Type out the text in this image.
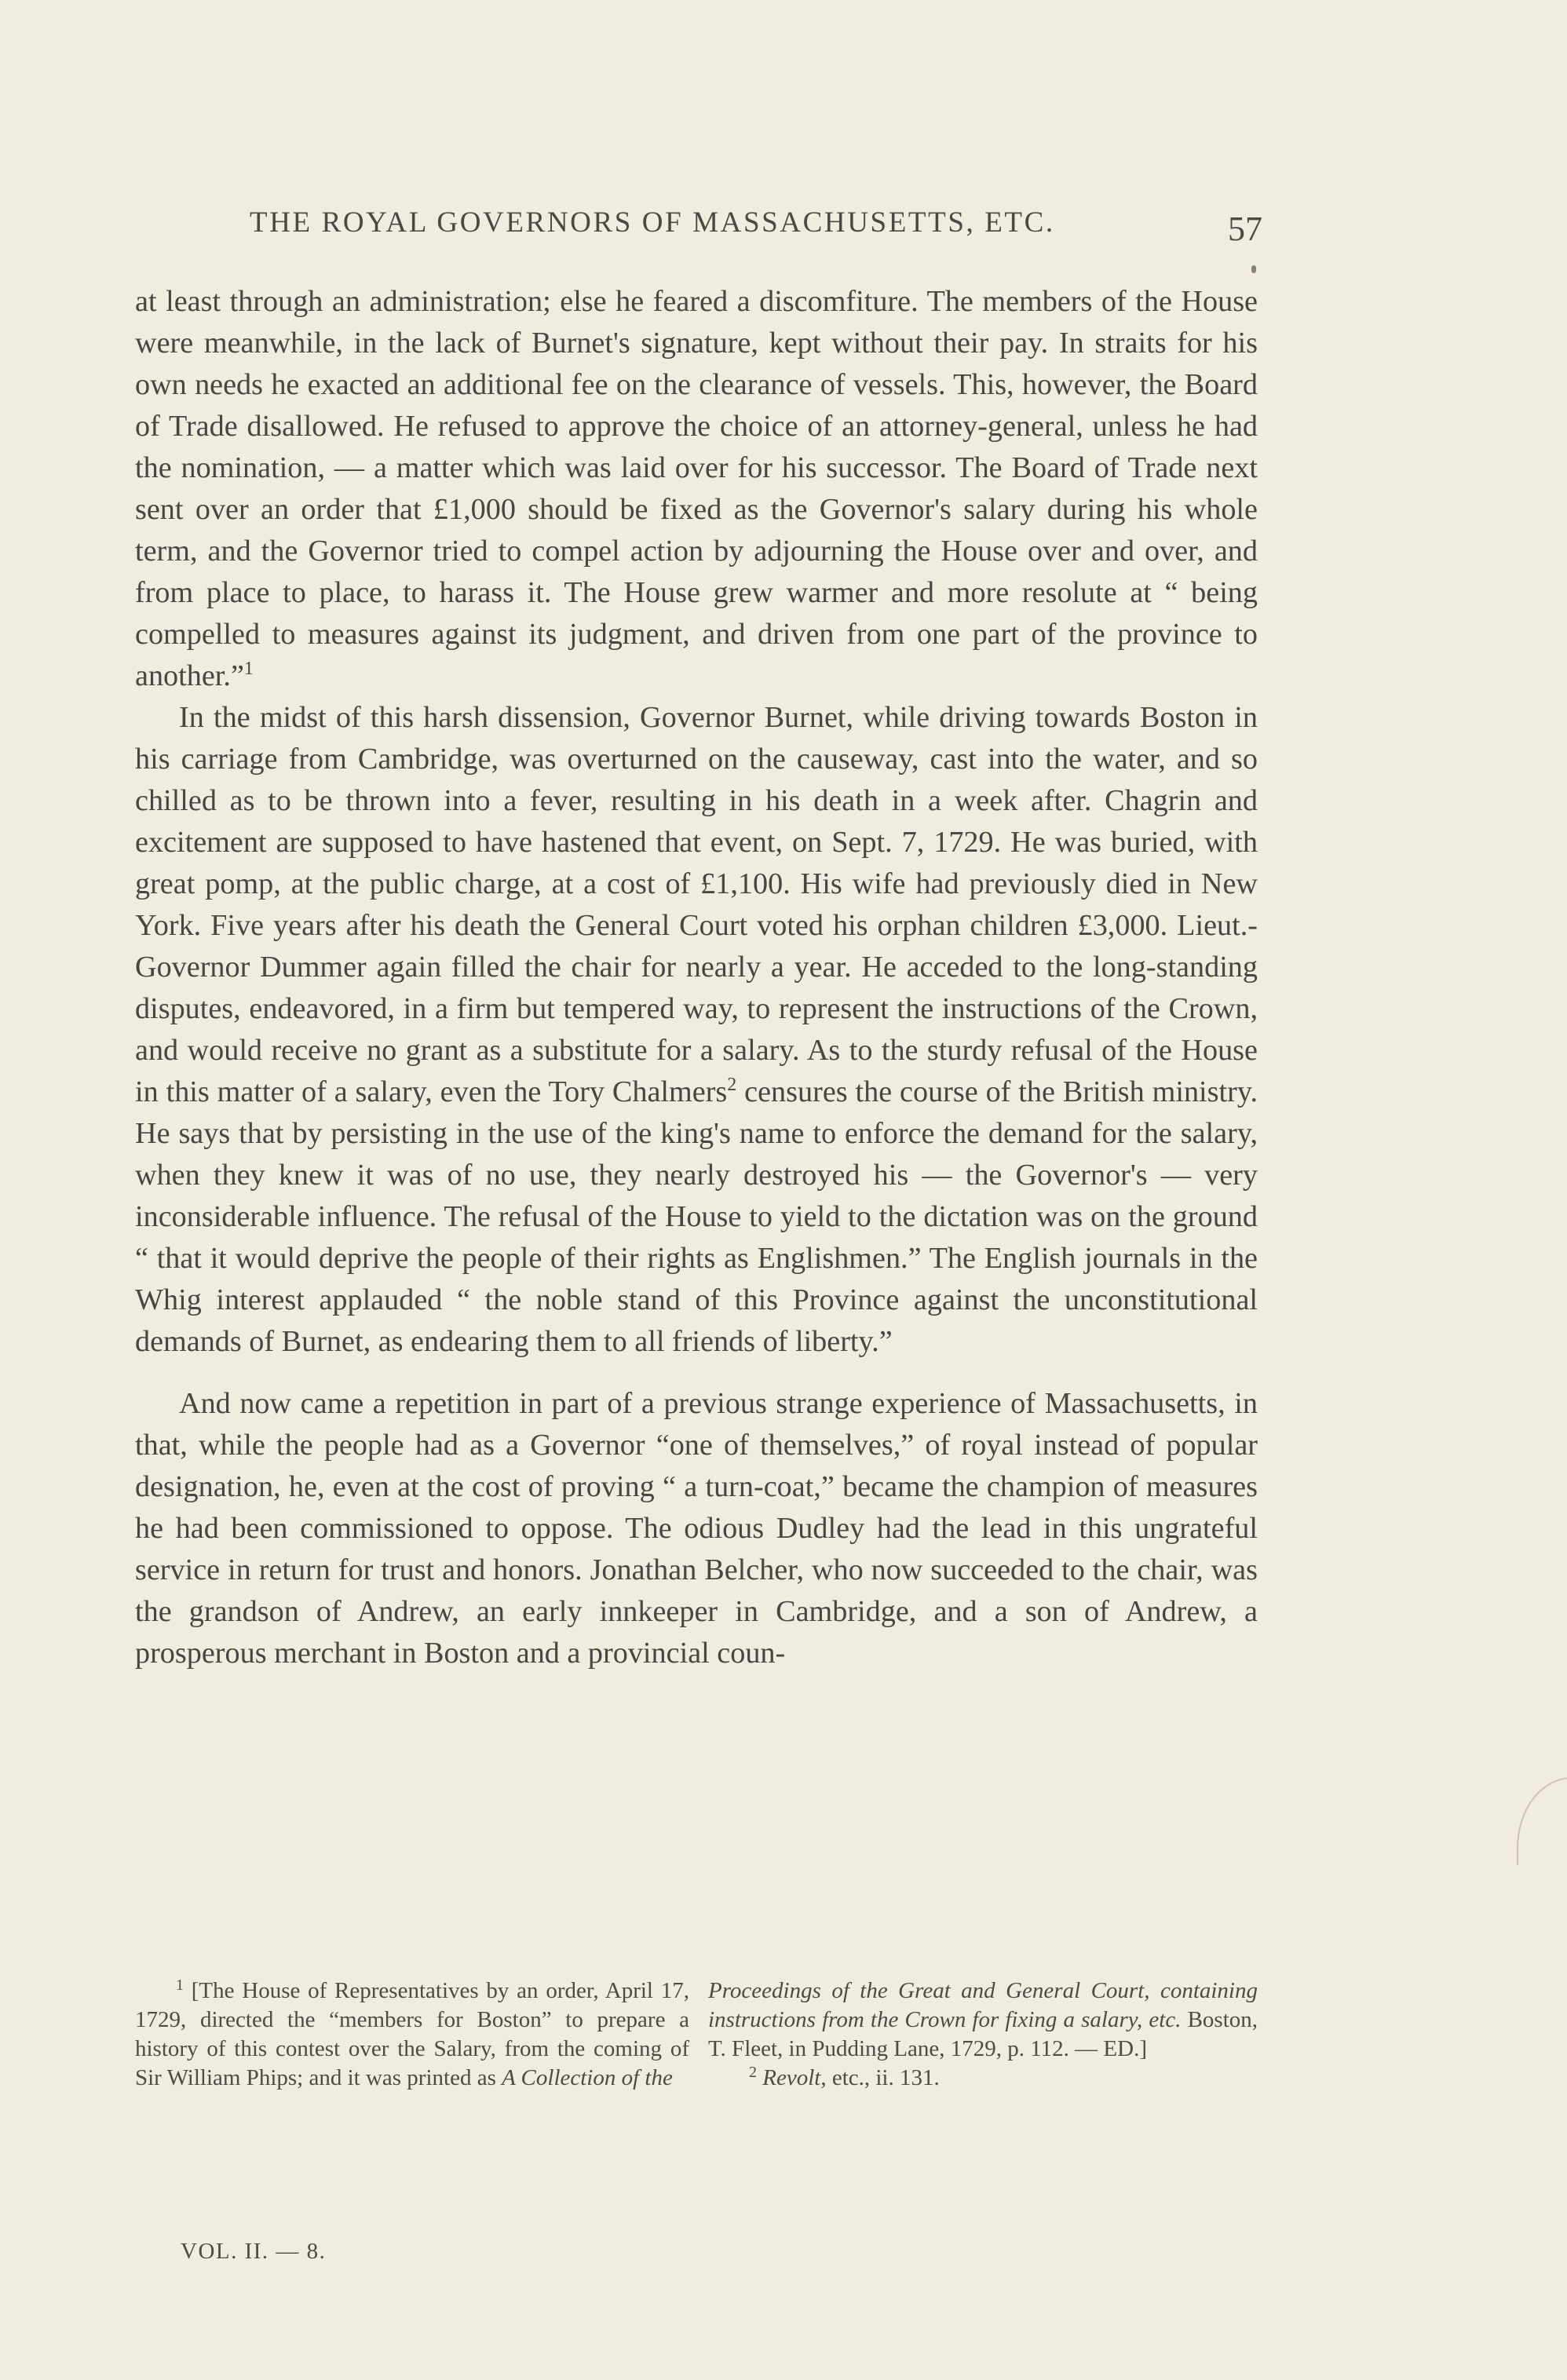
THE ROYAL GOVERNORS OF MASSACHUSETTS, ETC.	57

at least through an administration; else he feared a discomfiture. The members of the House were meanwhile, in the lack of Burnet's signature, kept without their pay. In straits for his own needs he exacted an additional fee on the clearance of vessels. This, however, the Board of Trade disallowed. He refused to approve the choice of an attorney-general, unless he had the nomination, — a matter which was laid over for his successor. The Board of Trade next sent over an order that £1,000 should be fixed as the Governor's salary during his whole term, and the Governor tried to compel action by adjourning the House over and over, and from place to place, to harass it. The House grew warmer and more resolute at “ being compelled to measures against its judgment, and driven from one part of the province to another.”$^1$

In the midst of this harsh dissension, Governor Burnet, while driving towards Boston in his carriage from Cambridge, was overturned on the causeway, cast into the water, and so chilled as to be thrown into a fever, resulting in his death in a week after. Chagrin and excitement are supposed to have hastened that event, on Sept. 7, 1729. He was buried, with great pomp, at the public charge, at a cost of £1,100. His wife had previously died in New York. Five years after his death the General Court voted his orphan children £3,000. Lieut.-Governor Dummer again filled the chair for nearly a year. He acceded to the long-standing disputes, endeavored, in a firm but tempered way, to represent the instructions of the Crown, and would receive no grant as a substitute for a salary. As to the sturdy refusal of the House in this matter of a salary, even the Tory Chalmers$^2$ censures the course of the British ministry. He says that by persisting in the use of the king's name to enforce the demand for the salary, when they knew it was of no use, they nearly destroyed his — the Governor's — very inconsiderable influence. The refusal of the House to yield to the dictation was on the ground “ that it would deprive the people of their rights as Englishmen.” The English journals in the Whig interest applauded “ the noble stand of this Province against the unconstitutional demands of Burnet, as endearing them to all friends of liberty.”

And now came a repetition in part of a previous strange experience of Massachusetts, in that, while the people had as a Governor “one of themselves,” of royal instead of popular designation, he, even at the cost of proving “ a turn-coat,” became the champion of measures he had been commissioned to oppose. The odious Dudley had the lead in this ungrateful service in return for trust and honors. Jonathan Belcher, who now succeeded to the chair, was the grandson of Andrew, an early innkeeper in Cambridge, and a son of Andrew, a prosperous merchant in Boston and a provincial coun-

$^1$ [The House of Representatives by an order, April 17, 1729, directed the “members for Boston” to prepare a history of this contest over the Salary, from the coming of Sir William Phips; and it was printed as A Collection of the

Proceedings of the Great and General Court, containing instructions from the Crown for fixing a salary, etc. Boston, T. Fleet, in Pudding Lane, 1729, p. 112. — ED.]

$^2$ Revolt, etc., ii. 131.

VOL. II. — 8.
